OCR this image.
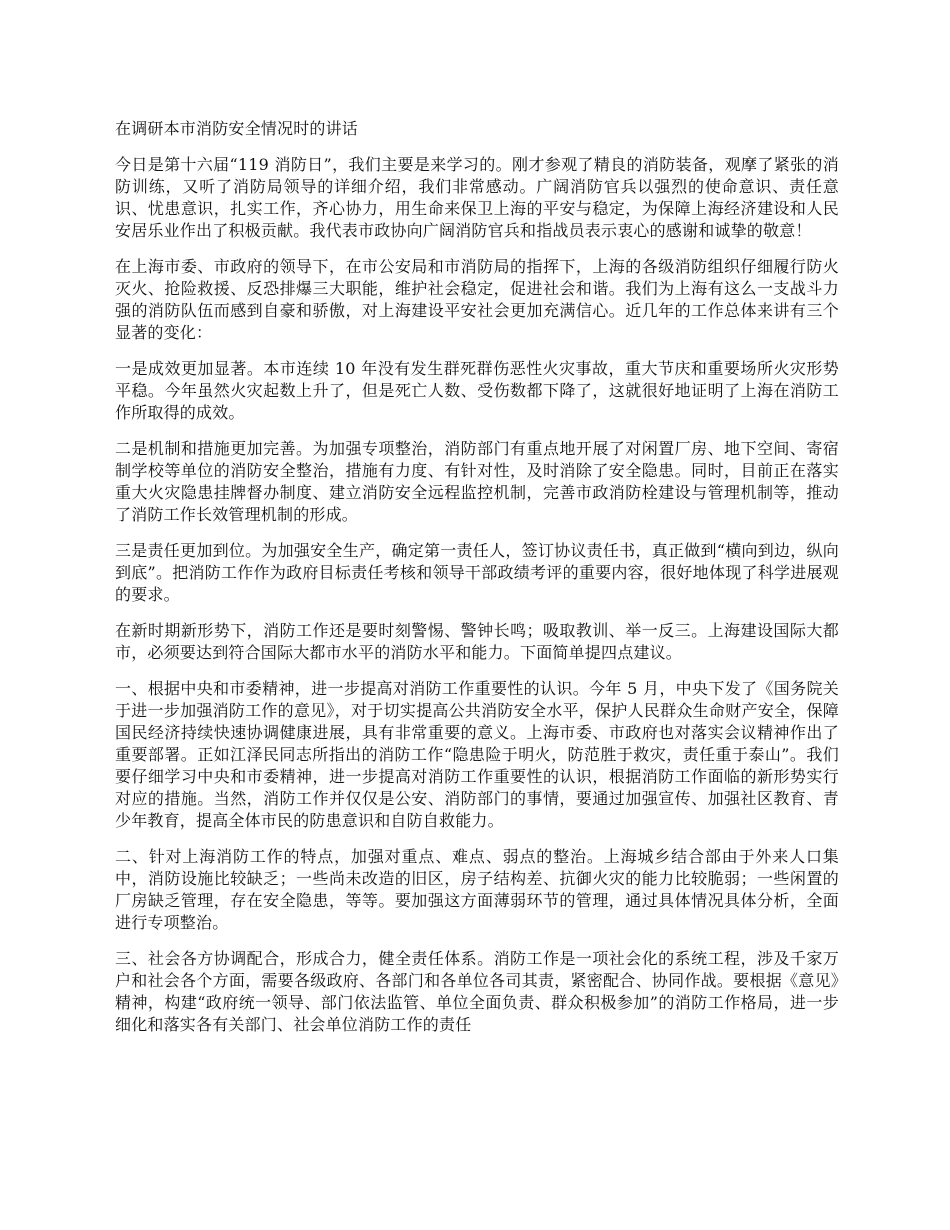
在调研本市消防安全情况时的讲话

今日是第十六届“119 消防日”，我们主要是来学习的。刚才参观了精良的消防装备，观摩了紧张的消防训练，又听了消防局领导的详细介绍，我们非常感动。广阔消防官兵以强烈的使命意识、责任意识、忧患意识，扎实工作，齐心协力，用生命来保卫上海的平安与稳定，为保障上海经济建设和人民安居乐业作出了积极贡献。我代表市政协向广阔消防官兵和指战员表示衷心的感谢和诚挚的敬意！

在上海市委、市政府的领导下，在市公安局和市消防局的指挥下，上海的各级消防组织仔细履行防火灭火、抢险救援、反恐排爆三大职能，维护社会稳定，促进社会和谐。我们为上海有这么一支战斗力强的消防队伍而感到自豪和骄傲，对上海建设平安社会更加充满信心。近几年的工作总体来讲有三个显著的变化：

一是成效更加显著。本市连续 10 年没有发生群死群伤恶性火灾事故，重大节庆和重要场所火灾形势平稳。今年虽然火灾起数上升了，但是死亡人数、受伤数都下降了，这就很好地证明了上海在消防工作所取得的成效。

二是机制和措施更加完善。为加强专项整治，消防部门有重点地开展了对闲置厂房、地下空间、寄宿制学校等单位的消防安全整治，措施有力度、有针对性，及时消除了安全隐患。同时，目前正在落实重大火灾隐患挂牌督办制度、建立消防安全远程监控机制，完善市政消防栓建设与管理机制等，推动了消防工作长效管理机制的形成。

三是责任更加到位。为加强安全生产，确定第一责任人，签订协议责任书，真正做到“横向到边，纵向到底”。把消防工作作为政府目标责任考核和领导干部政绩考评的重要内容，很好地体现了科学进展观的要求。

在新时期新形势下，消防工作还是要时刻警惕、警钟长鸣；吸取教训、举一反三。上海建设国际大都市，必须要达到符合国际大都市水平的消防水平和能力。下面简单提四点建议。

一、根据中央和市委精神，进一步提高对消防工作重要性的认识。今年 5 月，中央下发了《国务院关于进一步加强消防工作的意见》，对于切实提高公共消防安全水平，保护人民群众生命财产安全，保障国民经济持续快速协调健康进展，具有非常重要的意义。上海市委、市政府也对落实会议精神作出了重要部署。正如江泽民同志所指出的消防工作“隐患险于明火，防范胜于救灾，责任重于泰山”。我们要仔细学习中央和市委精神，进一步提高对消防工作重要性的认识，根据消防工作面临的新形势实行对应的措施。当然，消防工作并仅仅是公安、消防部门的事情，要通过加强宣传、加强社区教育、青少年教育，提高全体市民的防患意识和自防自救能力。

二、针对上海消防工作的特点，加强对重点、难点、弱点的整治。上海城乡结合部由于外来人口集中，消防设施比较缺乏；一些尚未改造的旧区，房子结构差、抗御火灾的能力比较脆弱；一些闲置的厂房缺乏管理，存在安全隐患，等等。要加强这方面薄弱环节的管理，通过具体情况具体分析，全面进行专项整治。

三、社会各方协调配合，形成合力，健全责任体系。消防工作是一项社会化的系统工程，涉及千家万户和社会各个方面，需要各级政府、各部门和各单位各司其责，紧密配合、协同作战。要根据《意见》精神，构建“政府统一领导、部门依法监管、单位全面负责、群众积极参加”的消防工作格局，进一步细化和落实各有关部门、社会单位消防工作的责任
